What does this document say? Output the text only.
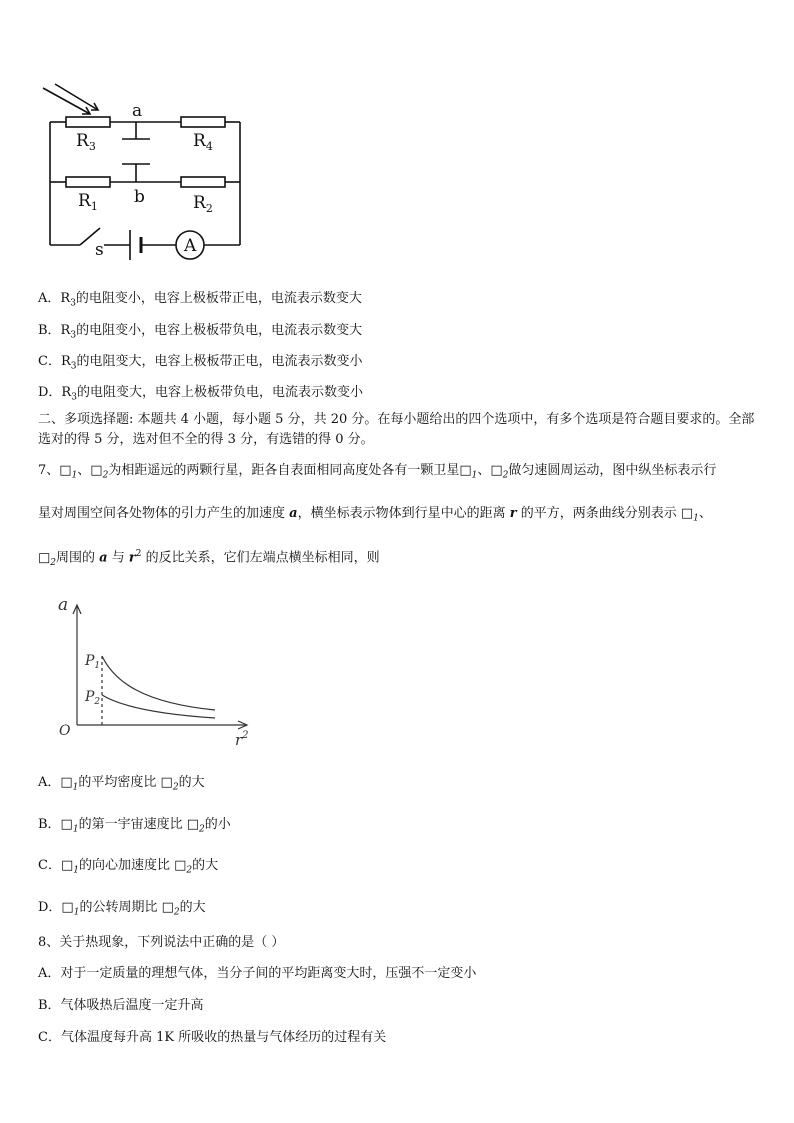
$R_3$	$R_4$
$R_1$	$R_2$
a
b
s	A
A．$R_3$的电阻变小，电容上极板带正电，电流表示数变大
B．$R_3$的电阻变小，电容上极板带负电，电流表示数变大
C．$R_3$的电阻变大，电容上极板带正电，电流表示数变小
D．$R_3$的电阻变大，电容上极板带负电，电流表示数变小
二、多项选择题: 本题共 4 小题，每小题 5 分，共 20 分。在每小题给出的四个选项中，有多个选项是符合题目要求的。全部选对的得 5 分，选对但不全的得 3 分，有选错的得 0 分。
7、$□_1$、$□_2$为相距遥远的两颗行星，距各自表面相同高度处各有一颗卫星$□_1$、$□_2$做匀速圆周运动，图中纵坐标表示行
星对周围空间各处物体的引力产生的加速度 a，横坐标表示物体到行星中心的距离 r 的平方，两条曲线分别表示 $□_1$、
$□_2$周围的 a 与 $r^2$ 的反比关系，它们左端点横坐标相同，则
a
O	$r^2$
$P_1$
$P_2$
A．$□_1$的平均密度比 $□_2$的大
B．$□_1$的第一宇宙速度比 $□_2$的小
C．$□_1$的向心加速度比 $□_2$的大
D．$□_1$的公转周期比 $□_2$的大
8、关于热现象，下列说法中正确的是（ ）
A．对于一定质量的理想气体，当分子间的平均距离变大时，压强不一定变小
B．气体吸热后温度一定升高
C．气体温度每升高 1K 所吸收的热量与气体经历的过程有关
